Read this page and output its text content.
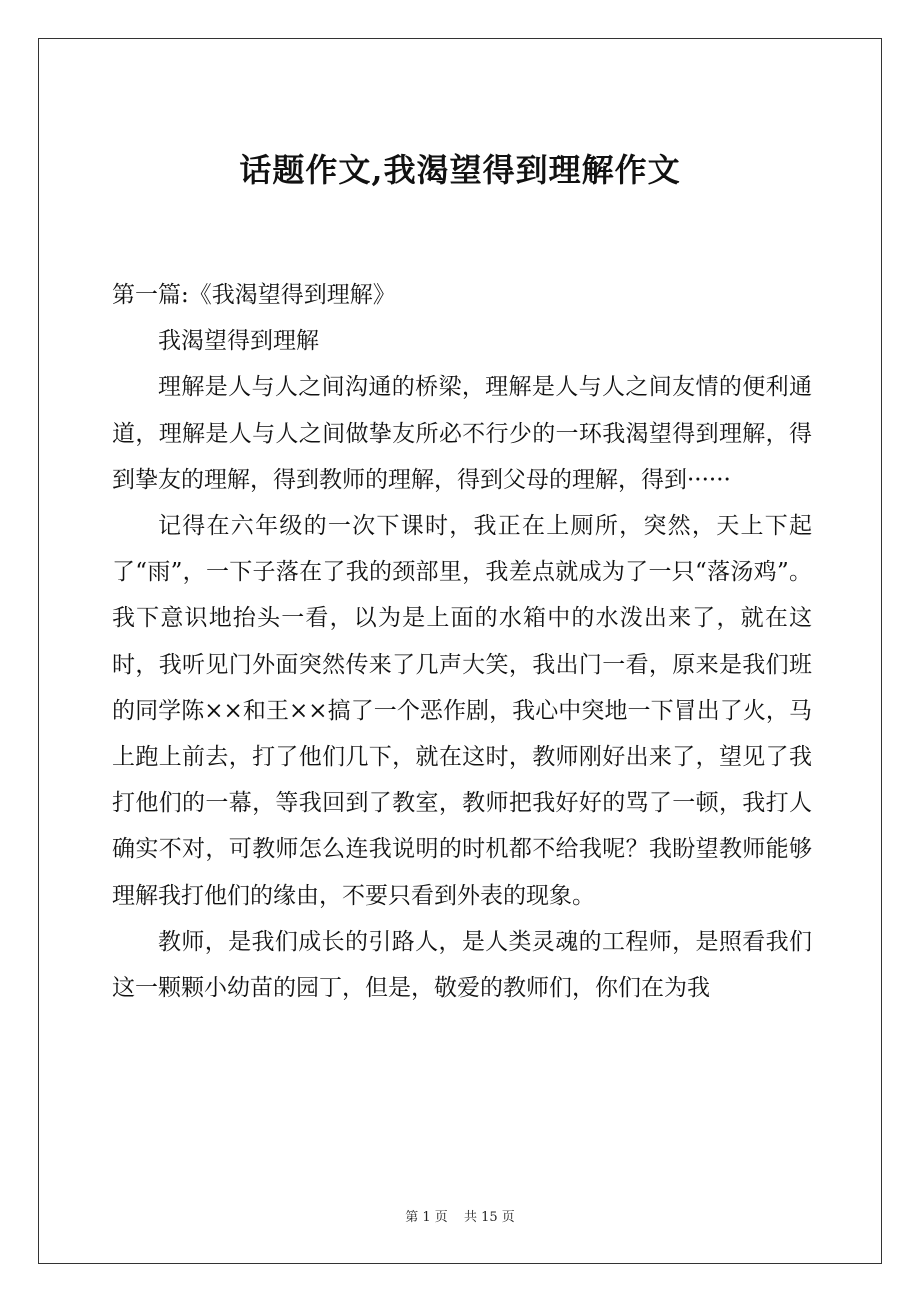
话题作文,我渴望得到理解作文

第一篇:《我渴望得到理解》

我渴望得到理解

理解是人与人之间沟通的桥梁，理解是人与人之间友情的便利通道，理解是人与人之间做挚友所必不行少的一环我渴望得到理解，得到挚友的理解，得到教师的理解，得到父母的理解，得到······

记得在六年级的一次下课时，我正在上厕所，突然，天上下起了“雨”，一下子落在了我的颈部里，我差点就成为了一只“落汤鸡”。我下意识地抬头一看，以为是上面的水箱中的水泼出来了，就在这时，我听见门外面突然传来了几声大笑，我出门一看，原来是我们班的同学陈××和王××搞了一个恶作剧，我心中突地一下冒出了火，马上跑上前去，打了他们几下，就在这时，教师刚好出来了，望见了我打他们的一幕，等我回到了教室，教师把我好好的骂了一顿，我打人确实不对，可教师怎么连我说明的时机都不给我呢？我盼望教师能够理解我打他们的缘由，不要只看到外表的现象。

教师，是我们成长的引路人，是人类灵魂的工程师，是照看我们这一颗颗小幼苗的园丁，但是，敬爱的教师们，你们在为我

第 1 页 共 15 页
